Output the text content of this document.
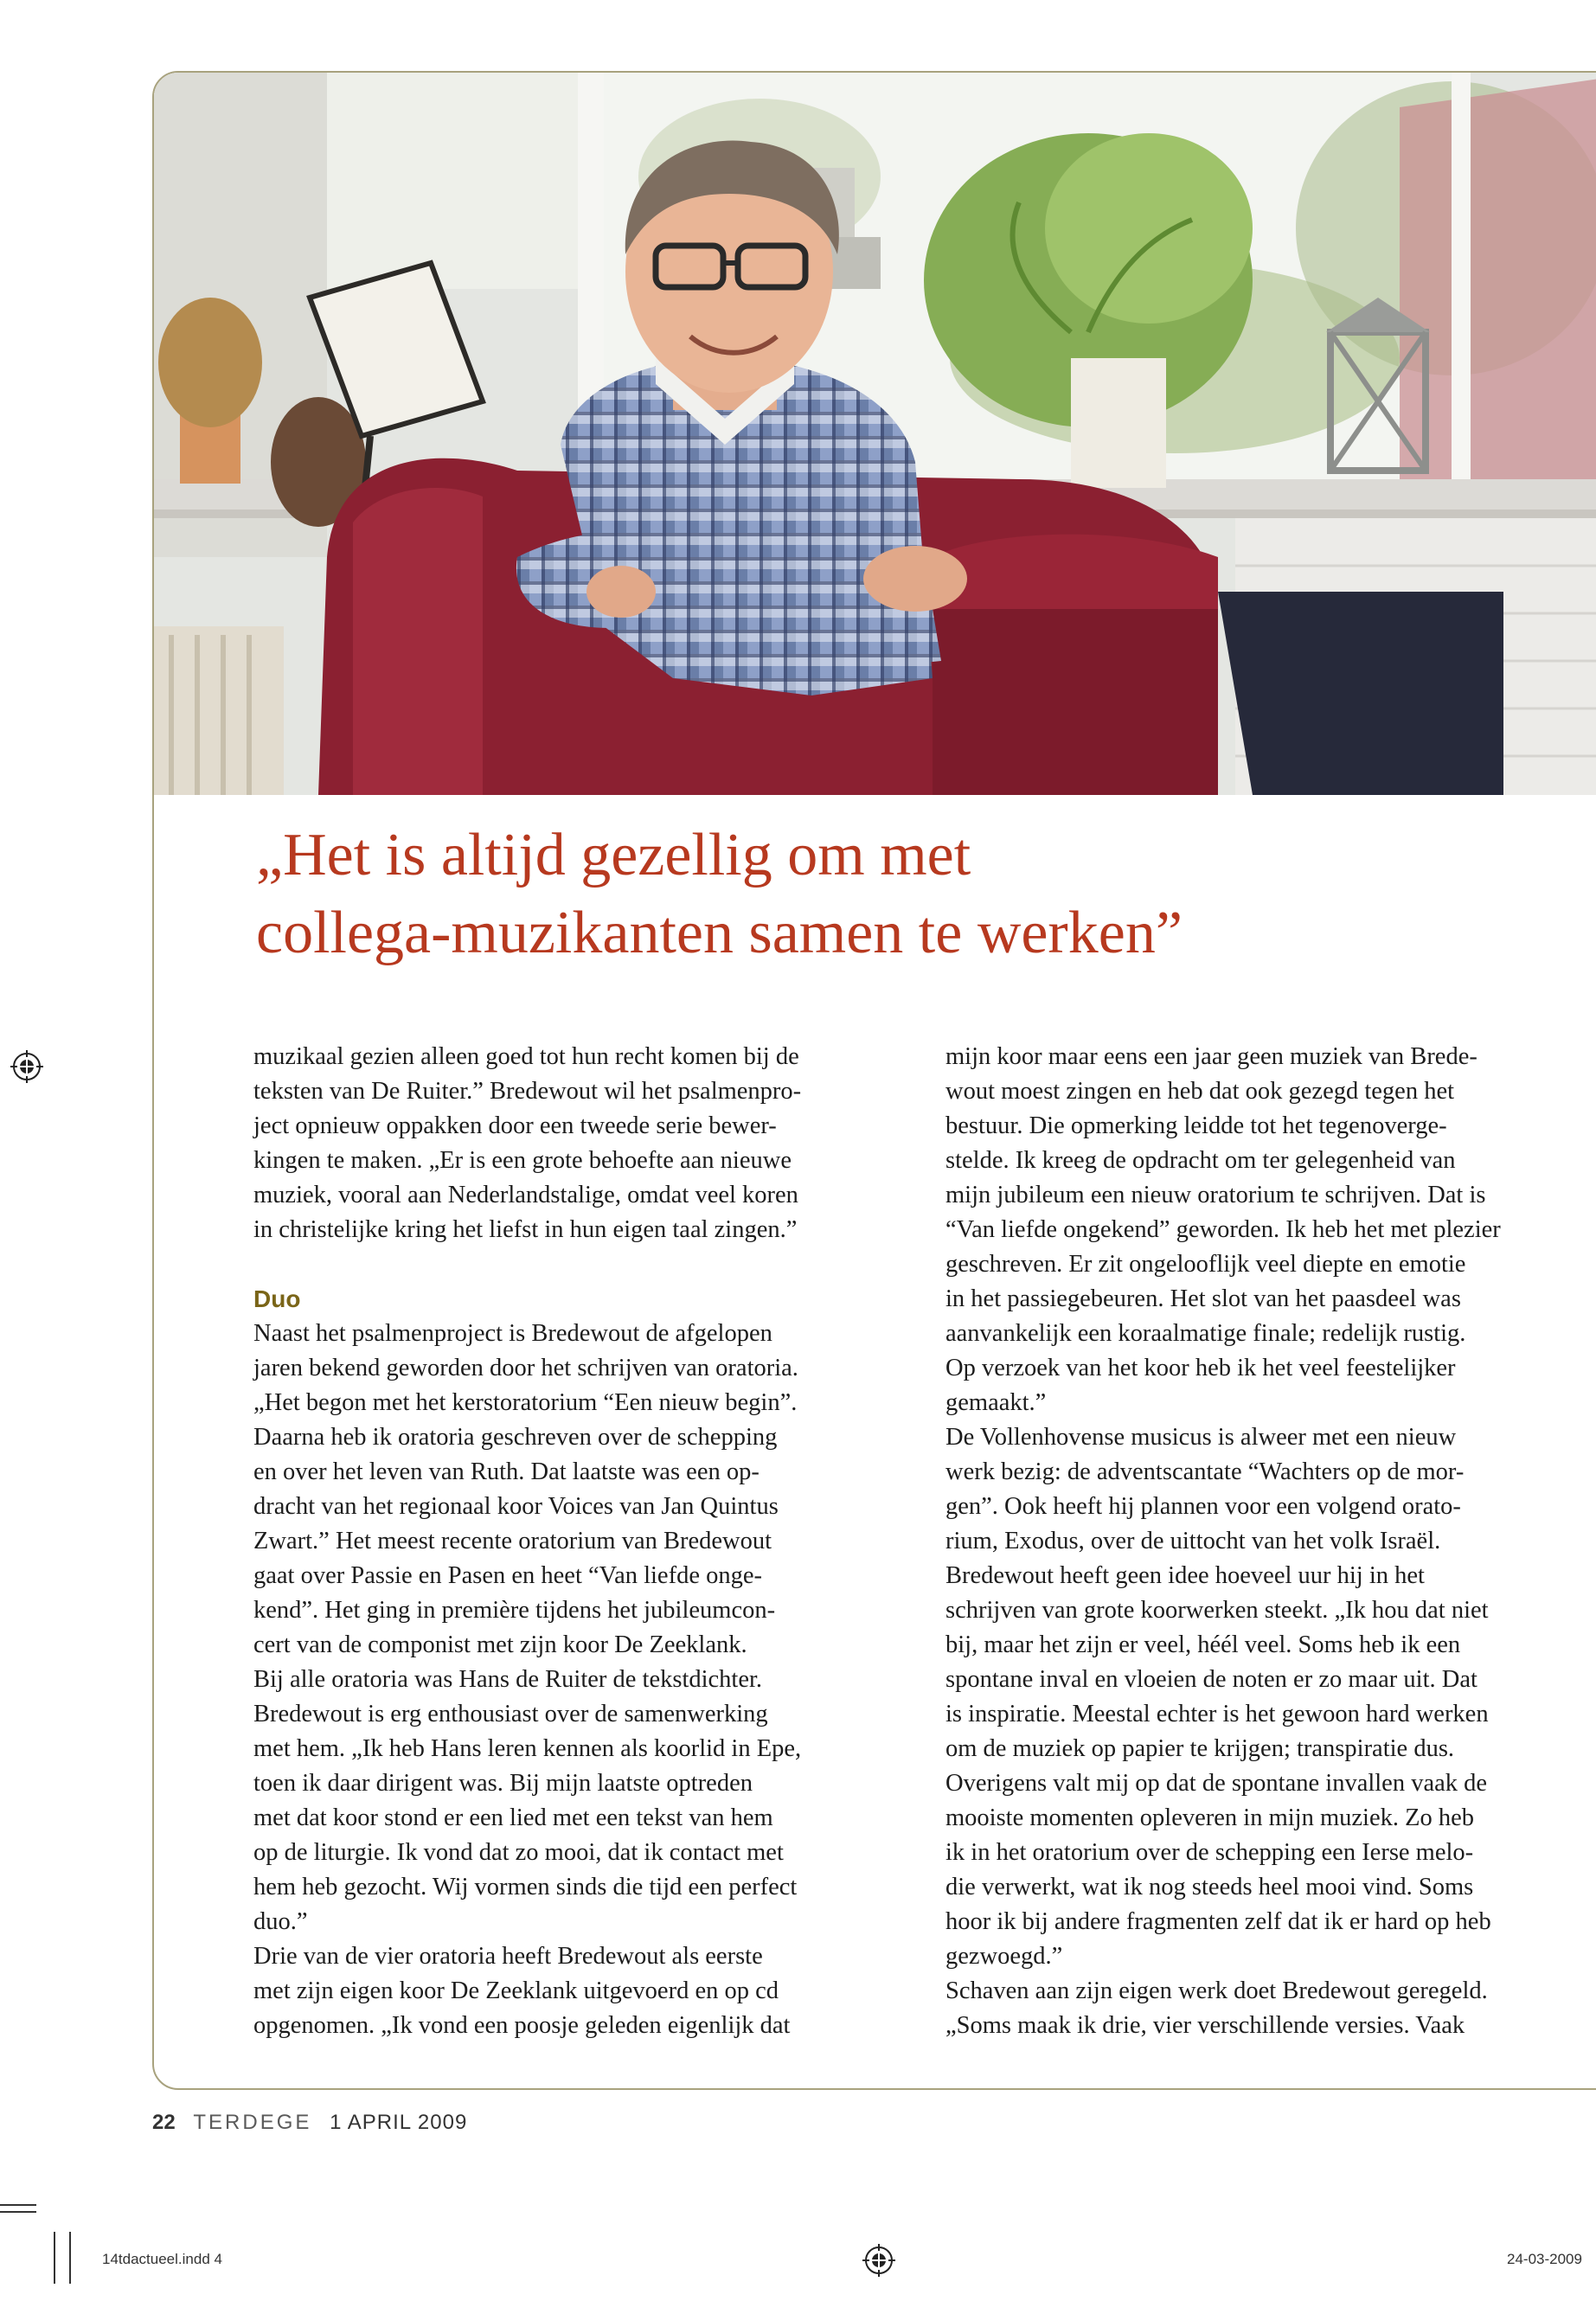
„Het is altijd gezellig om met
collega-muzikanten samen te werken”
muzikaal gezien alleen goed tot hun recht komen bij de
teksten van De Ruiter.” Bredewout wil het psalmenpro-
ject opnieuw oppakken door een tweede serie bewer-
kingen te maken. „Er is een grote behoefte aan nieuwe
muziek, vooral aan Nederlandstalige, omdat veel koren
in christelijke kring het liefst in hun eigen taal zingen.”
Duo
Naast het psalmenproject is Bredewout de afgelopen
jaren bekend geworden door het schrijven van oratoria.
„Het begon met het kerstoratorium “Een nieuw begin”.
Daarna heb ik oratoria geschreven over de schepping
en over het leven van Ruth. Dat laatste was een op-
dracht van het regionaal koor Voices van Jan Quintus
Zwart.” Het meest recente oratorium van Bredewout
gaat over Passie en Pasen en heet “Van liefde onge-
kend”. Het ging in première tijdens het jubileumcon-
cert van de componist met zijn koor De Zeeklank.
Bij alle oratoria was Hans de Ruiter de tekstdichter.
Bredewout is erg enthousiast over de samenwerking
met hem. „Ik heb Hans leren kennen als koorlid in Epe,
toen ik daar dirigent was. Bij mijn laatste optreden
met dat koor stond er een lied met een tekst van hem
op de liturgie. Ik vond dat zo mooi, dat ik contact met
hem heb gezocht. Wij vormen sinds die tijd een perfect
duo.”
Drie van de vier oratoria heeft Bredewout als eerste
met zijn eigen koor De Zeeklank uitgevoerd en op cd
opgenomen. „Ik vond een poosje geleden eigenlijk dat
mijn koor maar eens een jaar geen muziek van Brede-
wout moest zingen en heb dat ook gezegd tegen het
bestuur. Die opmerking leidde tot het tegenoverge-
stelde. Ik kreeg de opdracht om ter gelegenheid van
mijn jubileum een nieuw oratorium te schrijven. Dat is
“Van liefde ongekend” geworden. Ik heb het met plezier
geschreven. Er zit ongelooflijk veel diepte en emotie
in het passiegebeuren. Het slot van het paasdeel was
aanvankelijk een koraalmatige finale; redelijk rustig.
Op verzoek van het koor heb ik het veel feestelijker
gemaakt.”
De Vollenhovense musicus is alweer met een nieuw
werk bezig: de adventscantate “Wachters op de mor-
gen”. Ook heeft hij plannen voor een volgend orato-
rium, Exodus, over de uittocht van het volk Israël.
Bredewout heeft geen idee hoeveel uur hij in het
schrijven van grote koorwerken steekt. „Ik hou dat niet
bij, maar het zijn er veel, héél veel. Soms heb ik een
spontane inval en vloeien de noten er zo maar uit. Dat
is inspiratie. Meestal echter is het gewoon hard werken
om de muziek op papier te krijgen; transpiratie dus.
Overigens valt mij op dat de spontane invallen vaak de
mooiste momenten opleveren in mijn muziek. Zo heb
ik in het oratorium over de schepping een Ierse melo-
die verwerkt, wat ik nog steeds heel mooi vind. Soms
hoor ik bij andere fragmenten zelf dat ik er hard op heb
gezwoegd.”
Schaven aan zijn eigen werk doet Bredewout geregeld.
„Soms maak ik drie, vier verschillende versies. Vaak
22 TERDEGE 1 APRIL 2009
14tdactueel.indd 4	24-03-2009
